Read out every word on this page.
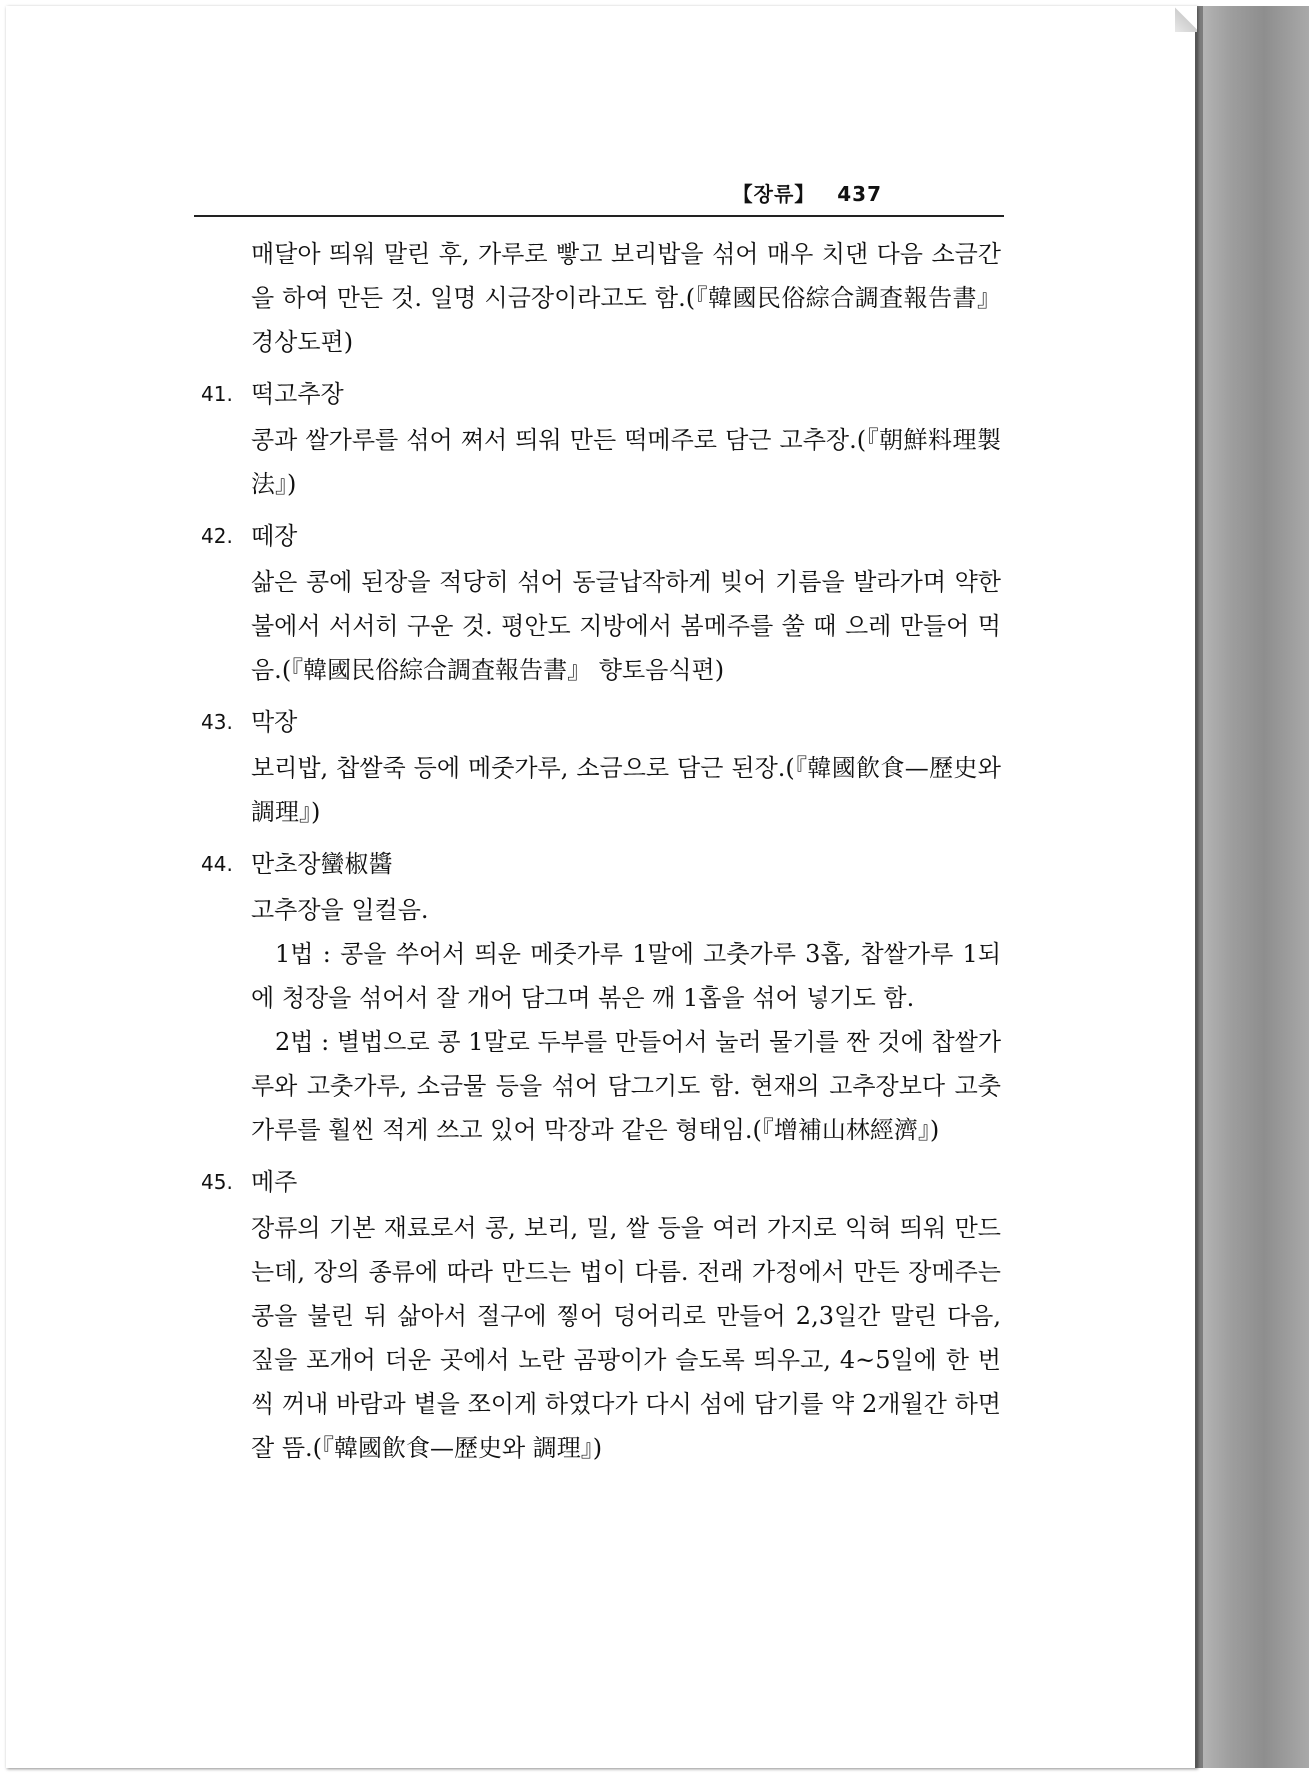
【장류】 437

매달아 띄워 말린 후, 가루로 빻고 보리밥을 섞어 매우 치댄 다음 소금간을 하여 만든 것. 일명 시금장이라고도 함.(『韓國民俗綜合調査報告書』 경상도편)

41. 떡고추장

콩과 쌀가루를 섞어 쪄서 띄워 만든 떡메주로 담근 고추장.(『朝鮮料理製法』)

42. 떼장

삶은 콩에 된장을 적당히 섞어 동글납작하게 빚어 기름을 발라가며 약한 불에서 서서히 구운 것. 평안도 지방에서 봄메주를 쑬 때 으레 만들어 먹음.(『韓國民俗綜合調査報告書』 향토음식편)

43. 막장

보리밥, 찹쌀죽 등에 메줏가루, 소금으로 담근 된장.(『韓國飮食—歷史와 調理』)

44. 만초장蠻椒醬

고추장을 일컬음.

1법 : 콩을 쑤어서 띄운 메줏가루 1말에 고춧가루 3홉, 찹쌀가루 1되에 청장을 섞어서 잘 개어 담그며 볶은 깨 1홉을 섞어 넣기도 함.

2법 : 별법으로 콩 1말로 두부를 만들어서 눌러 물기를 짠 것에 찹쌀가루와 고춧가루, 소금물 등을 섞어 담그기도 함. 현재의 고추장보다 고춧가루를 훨씬 적게 쓰고 있어 막장과 같은 형태임.(『增補山林經濟』)

45. 메주

장류의 기본 재료로서 콩, 보리, 밀, 쌀 등을 여러 가지로 익혀 띄워 만드는데, 장의 종류에 따라 만드는 법이 다름. 전래 가정에서 만든 장메주는 콩을 불린 뒤 삶아서 절구에 찧어 덩어리로 만들어 2,3일간 말린 다음, 짚을 포개어 더운 곳에서 노란 곰팡이가 슬도록 띄우고, 4~5일에 한 번씩 꺼내 바람과 볕을 쪼이게 하였다가 다시 섬에 담기를 약 2개월간 하면 잘 뜸.(『韓國飮食—歷史와 調理』)
